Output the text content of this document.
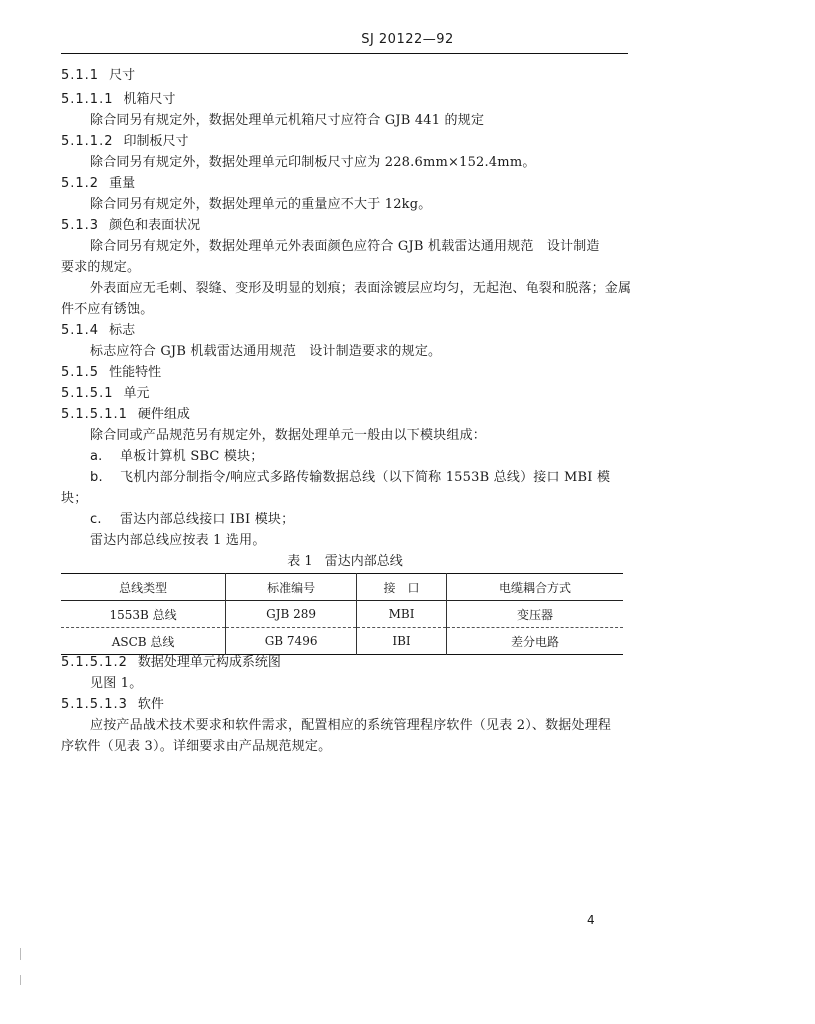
SJ 20122—92
5.1.1 尺寸
5.1.1.1 机箱尺寸
除合同另有规定外，数据处理单元机箱尺寸应符合 GJB 441 的规定
5.1.1.2 印制板尺寸
除合同另有规定外，数据处理单元印制板尺寸应为 228.6mm×152.4mm。
5.1.2 重量
除合同另有规定外，数据处理单元的重量应不大于 12kg。
5.1.3 颜色和表面状况
除合同另有规定外，数据处理单元外表面颜色应符合 GJB 机载雷达通用规范　设计制造
要求的规定。
外表面应无毛刺、裂缝、变形及明显的划痕；表面涂镀层应均匀，无起泡、龟裂和脱落；金属
件不应有锈蚀。
5.1.4 标志
标志应符合 GJB 机载雷达通用规范　设计制造要求的规定。
5.1.5 性能特性
5.1.5.1 单元
5.1.5.1.1 硬件组成
除合同或产品规范另有规定外，数据处理单元一般由以下模块组成：
a. 单板计算机 SBC 模块；
b. 飞机内部分制指令/响应式多路传输数据总线（以下简称 1553B 总线）接口 MBI 模
块；
c. 雷达内部总线接口 IBI 模块；
雷达内部总线应按表 1 选用。
表 1 雷达内部总线
总线类型	标准编号	接　口	电缆耦合方式
1553B 总线	GJB 289	MBI	变压器
ASCB 总线	GB 7496	IBI	差分电路
5.1.5.1.2 数据处理单元构成系统图
见图 1。
5.1.5.1.3 软件
应按产品战术技术要求和软件需求，配置相应的系统管理程序软件（见表 2）、数据处理程
序软件（见表 3）。详细要求由产品规范规定。
4
